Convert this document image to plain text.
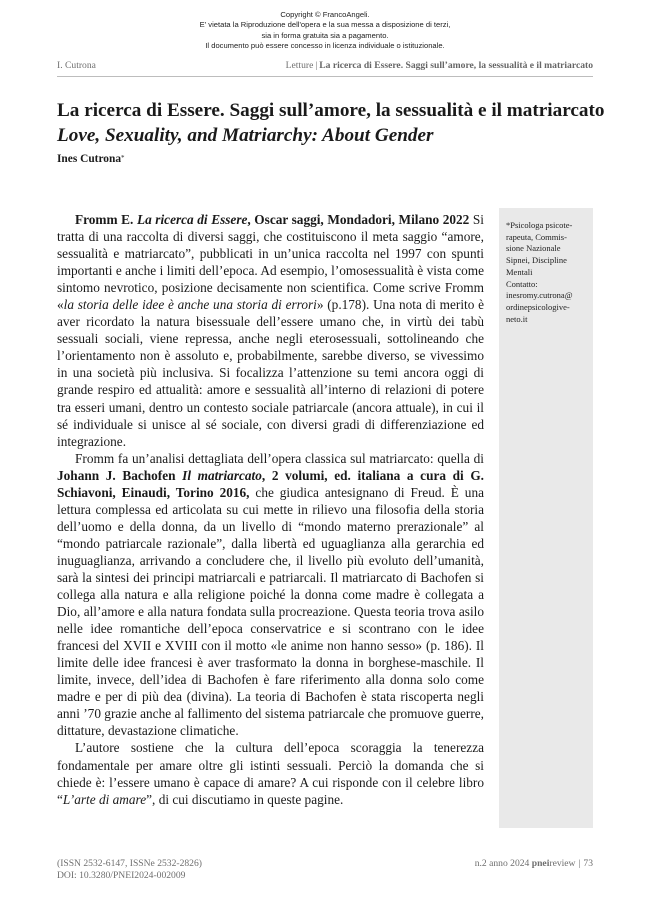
Copyright © FrancoAngeli.
E' vietata la Riproduzione dell'opera e la sua messa a disposizione di terzi,
sia in forma gratuita sia a pagamento.
Il documento può essere concesso in licenza individuale o istituzionale.
I. Cutrona	Letture | La ricerca di Essere. Saggi sull’amore, la sessualità e il matriarcato
La ricerca di Essere. Saggi sull’amore, la sessualità e il matriarcato
Love, Sexuality, and Matriarchy: About Gender
Ines Cutrona*

Fromm E. La ricerca di Essere, Oscar saggi, Mondadori, Milano 2022 Si tratta di una raccolta di diversi saggi, che costituiscono il meta saggio “amore, sessualità e matriarcato”, pubblicati in un’unica raccolta nel 1997 con spunti importanti e anche i limiti dell’epoca. Ad esempio, l’omosessualità è vista come sintomo nevrotico, posizione decisamente non scientifica. Come scrive Fromm «la storia delle idee è anche una storia di errori» (p.178). Una nota di merito è aver ricordato la natura bisessuale dell’essere umano che, in virtù dei tabù sessuali sociali, viene repressa, anche negli eterosessuali, sottolineando che l’orientamento non è assoluto e, probabilmente, sarebbe diverso, se vivessimo in una società più inclusiva. Si focalizza l’attenzione su temi ancora oggi di grande respiro ed attualità: amore e sessualità all’interno di relazioni di potere tra esseri umani, dentro un contesto sociale patriarcale (ancora attuale), in cui il sé individuale si unisce al sé sociale, con diversi gradi di differenziazione ed integrazione.

Fromm fa un’analisi dettagliata dell’opera classica sul matriarcato: quella di Johann J. Bachofen Il matriarcato, 2 volumi, ed. italiana a cura di G. Schiavoni, Einaudi, Torino 2016, che giudica antesignano di Freud. È una lettura complessa ed articolata su cui mette in rilievo una filosofia della storia dell’uomo e della donna, da un livello di “mondo materno prerazionale” al “mondo patriarcale razionale”, dalla libertà ed uguaglianza alla gerarchia ed inuguaglianza, arrivando a concludere che, il livello più evoluto dell’umanità, sarà la sintesi dei principi matriarcali e patriarcali. Il matriarcato di Bachofen si collega alla natura e alla religione poiché la donna come madre è collegata a Dio, all’amore e alla natura fondata sulla procreazione. Questa teoria trova asilo nelle idee romantiche dell’epoca conservatrice e si scontrano con le idee francesi del XVII e XVIII con il motto «le anime non hanno sesso» (p. 186). Il limite delle idee francesi è aver trasformato la donna in borghese-maschile. Il limite, invece, dell’idea di Bachofen è fare riferimento alla donna solo come madre e per di più dea (divina). La teoria di Bachofen è stata riscoperta negli anni ’70 grazie anche al fallimento del sistema patriarcale che promuove guerre, dittature, devastazione climatiche.

L’autore sostiene che la cultura dell’epoca scoraggia la tenerezza fondamentale per amare oltre gli istinti sessuali. Perciò la domanda che si chiede è: l’essere umano è capace di amare? A cui risponde con il celebre libro “L’arte di amare”, di cui discutiamo in queste pagine.

*Psicologa psicote-
rapeuta, Commis-
sione Nazionale
Sipnei, Discipline
Mentali
Contatto:
inesromy.cutrona@
ordinepsicologive-
neto.it
(ISSN 2532-6147, ISSNe 2532-2826)
DOI: 10.3280/PNEI2024-002009
n.2 anno 2024 pneireview | 73
